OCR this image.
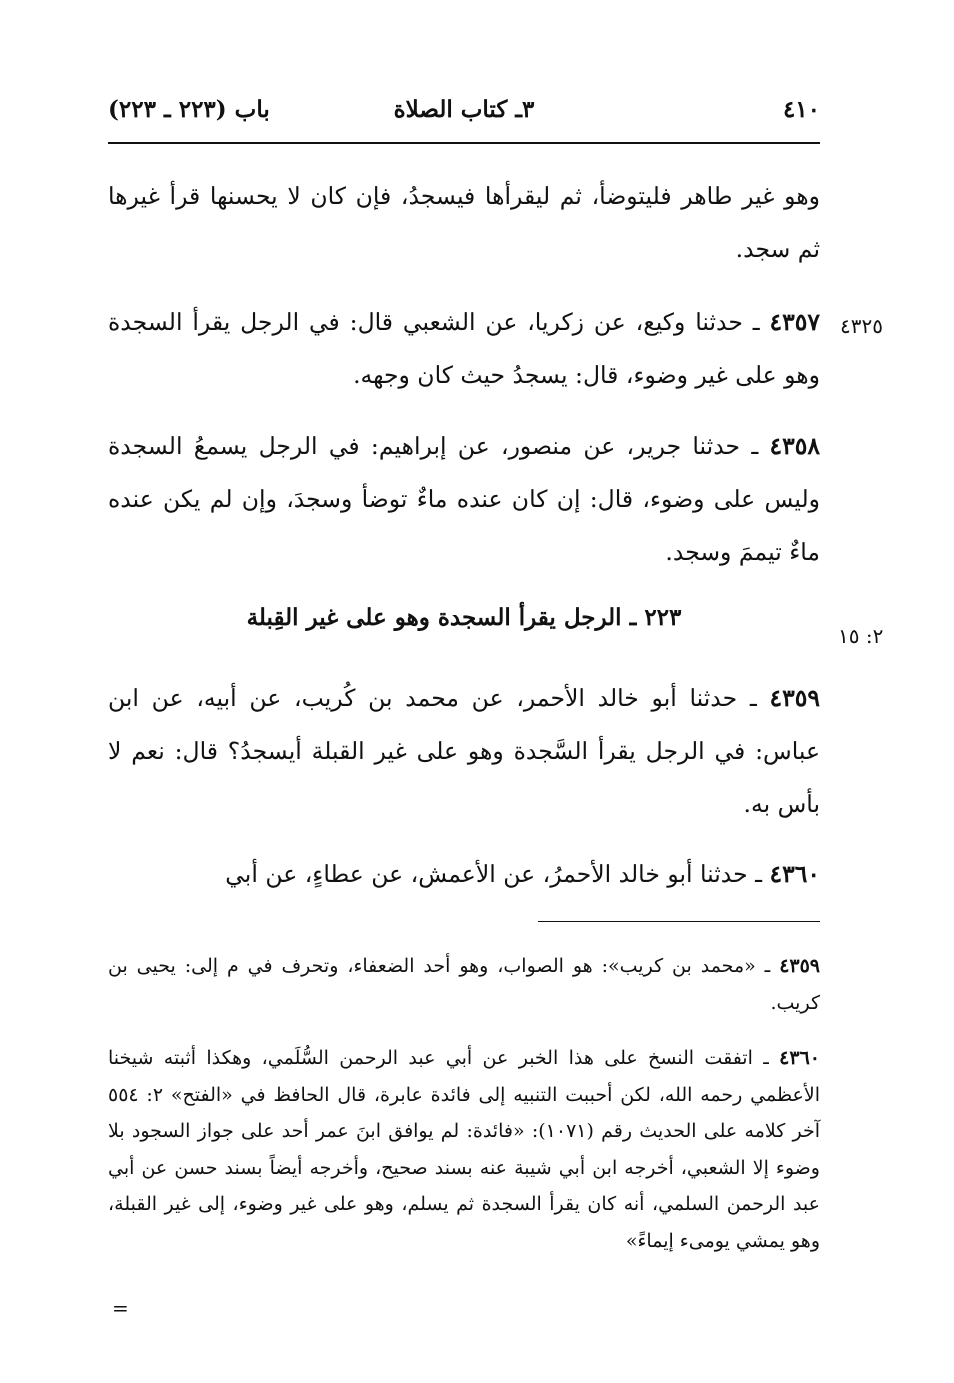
٤١٠
٣ـ كتاب الصلاة
باب (٢٢٣ ـ ٢٢٣)
وهو غير طاهر فليتوضأ، ثم ليقرأها فيسجدُ، فإن كان لا يحسنها قرأ غيرها ثم سجد.
٤٣٢٥
٤٣٥٧ ـ حدثنا وكيع، عن زكريا، عن الشعبي قال: في الرجل يقرأ السجدة وهو على غير وضوء، قال: يسجدُ حيث كان وجهه.
٤٣٥٨ ـ حدثنا جرير، عن منصور، عن إبراهيم: في الرجل يسمعُ السجدة وليس على وضوء، قال: إن كان عنده ماءٌ توضأ وسجدَ، وإن لم يكن عنده ماءٌ تيممَ وسجد.
٢: ١٥
٢٢٣ ـ الرجل يقرأ السجدة وهو على غير القِبلة
٤٣٥٩ ـ حدثنا أبو خالد الأحمر، عن محمد بن كُريب، عن أبيه، عن ابن عباس: في الرجل يقرأ السَّجدة وهو على غير القبلة أيسجدُ؟ قال: نعم لا بأس به.
٤٣٦٠ ـ حدثنا أبو خالد الأحمرُ، عن الأعمش، عن عطاءٍ، عن أبي
٤٣٥٩ ـ «محمد بن كريب»: هو الصواب، وهو أحد الضعفاء، وتحرف في م إلى: يحيى بن كريب.
٤٣٦٠ ـ اتفقت النسخ على هذا الخبر عن أبي عبد الرحمن السُّلَمي، وهكذا أثبته شيخنا الأعظمي رحمه الله، لكن أحببت التنبيه إلى فائدة عابرة، قال الحافظ في «الفتح» ٢: ٥٥٤ آخر كلامه على الحديث رقم (١٠٧١): «فائدة: لم يوافق ابنَ عمر أحد على جواز السجود بلا وضوء إلا الشعبي، أخرجه ابن أبي شيبة عنه بسند صحيح، وأخرجه أيضاً بسند حسن عن أبي عبد الرحمن السلمي، أنه كان يقرأ السجدة ثم يسلم، وهو على غير وضوء، إلى غير القبلة، وهو يمشي يومىء إيماءً»
=
